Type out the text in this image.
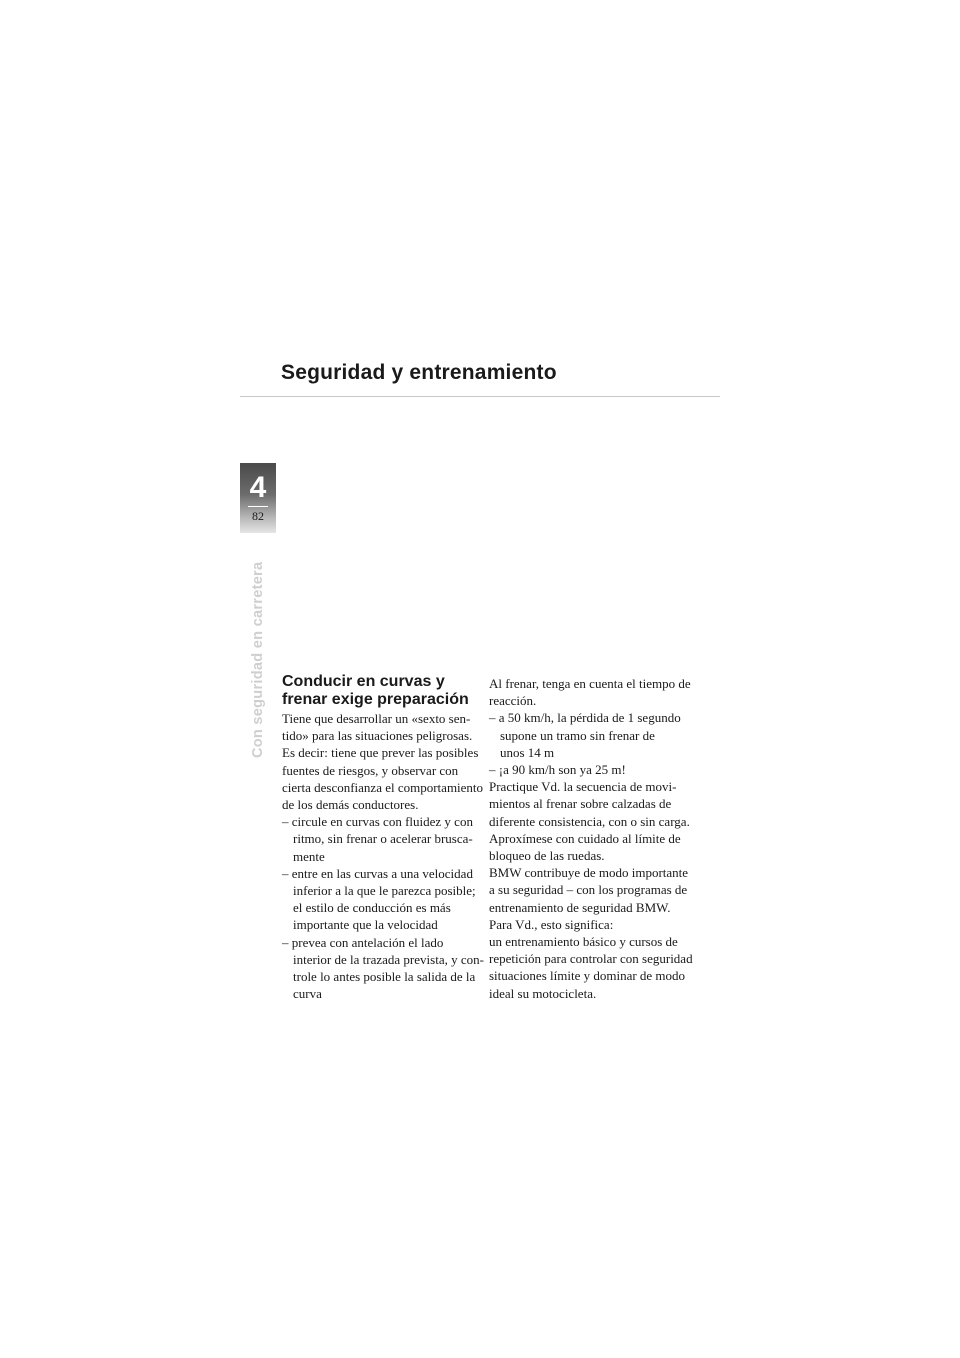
Seguridad y entrenamiento
4
82
Con seguridad en carretera Conducir en curvas y
frenar exige preparación

Tiene que desarrollar un «sexto sen-

tido» para las situaciones peligrosas.

Es decir: tiene que prever las posibles

fuentes de riesgos, y observar con

cierta desconfianza el comportamiento

de los demás conductores.

– circule en curvas con fluidez y con

ritmo, sin frenar o acelerar brusca-

mente

– entre en las curvas a una velocidad

inferior a la que le parezca posible;

el estilo de conducción es más

importante que la velocidad

– prevea con antelación el lado

interior de la trazada prevista, y con-

trole lo antes posible la salida de la

curva

Al frenar, tenga en cuenta el tiempo de

reacción.

– a 50 km/h, la pérdida de 1 segundo

supone un tramo sin frenar de

unos 14 m

– ¡a 90 km/h son ya 25 m!

Practique Vd. la secuencia de movi-

mientos al frenar sobre calzadas de

diferente consistencia, con o sin carga.

Aproxímese con cuidado al límite de

bloqueo de las ruedas.

BMW contribuye de modo importante

a su seguridad – con los programas de

entrenamiento de seguridad BMW.

Para Vd., esto significa:

un entrenamiento básico y cursos de

repetición para controlar con seguridad

situaciones límite y dominar de modo

ideal su motocicleta.
